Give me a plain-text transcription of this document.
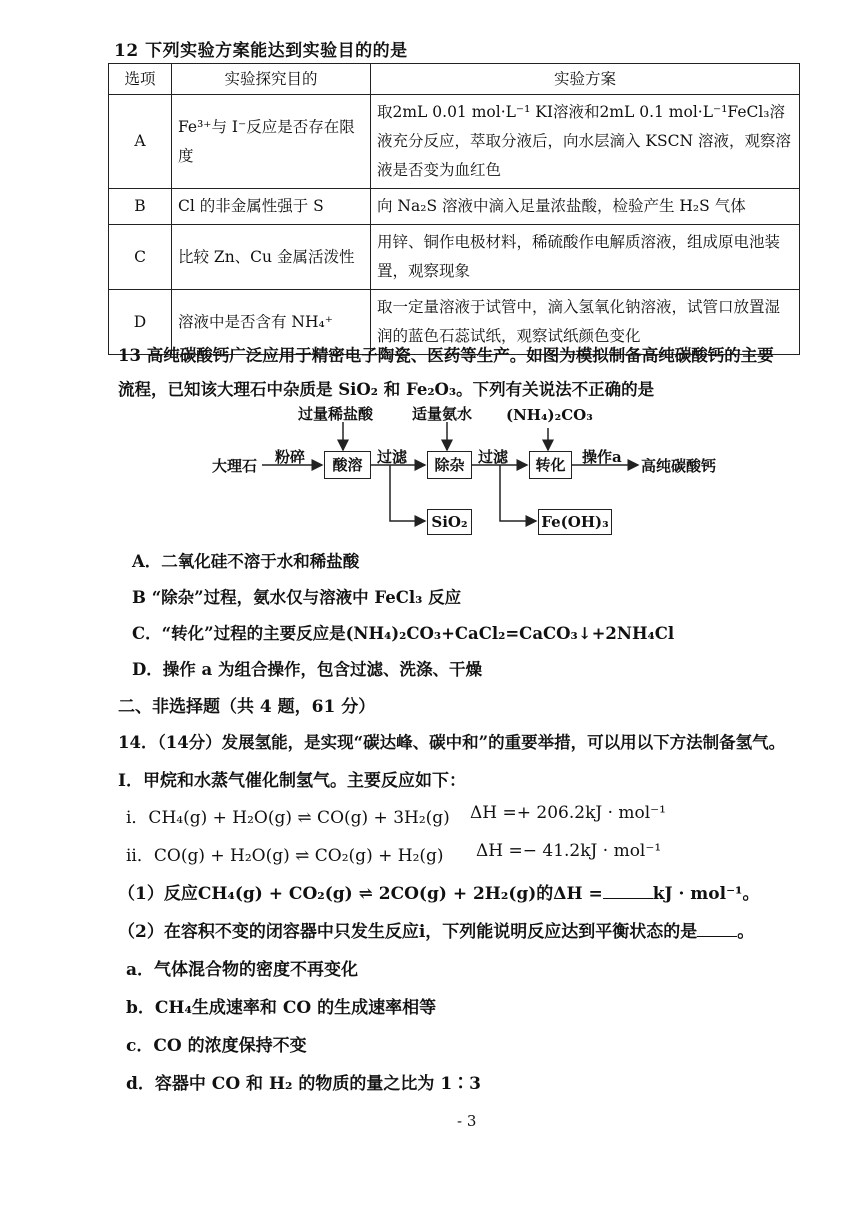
12 下列实验方案能达到实验目的的是
选项	实验探究目的	实验方案
A	Fe³⁺与 I⁻反应是否存在限度	取2mL 0.01 mol·L⁻¹ KI溶液和2mL 0.1 mol·L⁻¹FeCl₃溶液充分反应，萃取分液后，向水层滴入 KSCN 溶液，观察溶液是否变为血红色
B	Cl 的非金属性强于 S	向 Na₂S 溶液中滴入足量浓盐酸，检验产生 H₂S 气体
C	比较 Zn、Cu 金属活泼性	用锌、铜作电极材料，稀硫酸作电解质溶液，组成原电池装置，观察现象
D	溶液中是否含有 NH₄⁺	取一定量溶液于试管中，滴入氢氧化钠溶液，试管口放置湿润的蓝色石蕊试纸，观察试纸颜色变化
13 高纯碳酸钙广泛应用于精密电子陶瓷、医药等生产。如图为模拟制备高纯碳酸钙的主要
流程，已知该大理石中杂质是 SiO₂ 和 Fe₂O₃。下列有关说法不正确的是
过量稀盐酸	适量氨水 (NH₄)₂CO₃
大理石 粉碎	酸溶 过滤	除杂 过滤	转化	操作a 高纯碳酸钙
SiO₂	Fe(OH)₃
A．二氧化硅不溶于水和稀盐酸
B “除杂”过程，氨水仅与溶液中 FeCl₃ 反应
C．“转化”过程的主要反应是(NH₄)₂CO₃+CaCl₂=CaCO₃↓+2NH₄Cl
D．操作 a 为组合操作，包含过滤、洗涤、干燥
二、非选择题（共 4 题，61 分）
14．（14分）发展氢能，是实现“碳达峰、碳中和”的重要举措，可以用以下方法制备氢气。
I．甲烷和水蒸气催化制氢气。主要反应如下：
i．CH₄(g) + H₂O(g) ⇌ CO(g) + 3H₂(g) ΔH =+ 206.2kJ · mol⁻¹
ii．CO(g) + H₂O(g) ⇌ CO₂(g) + H₂(g) ΔH =− 41.2kJ · mol⁻¹
（1）反应CH₄(g) + CO₂(g) ⇌ 2CO(g) + 2H₂(g)的ΔH =	kJ · mol⁻¹。
（2）在容积不变的闭容器中只发生反应i，下列能说明反应达到平衡状态的是 。
a．气体混合物的密度不再变化
b．CH₄生成速率和 CO 的生成速率相等
c．CO 的浓度保持不变
d．容器中 CO 和 H₂ 的物质的量之比为 1∶3
- 3
